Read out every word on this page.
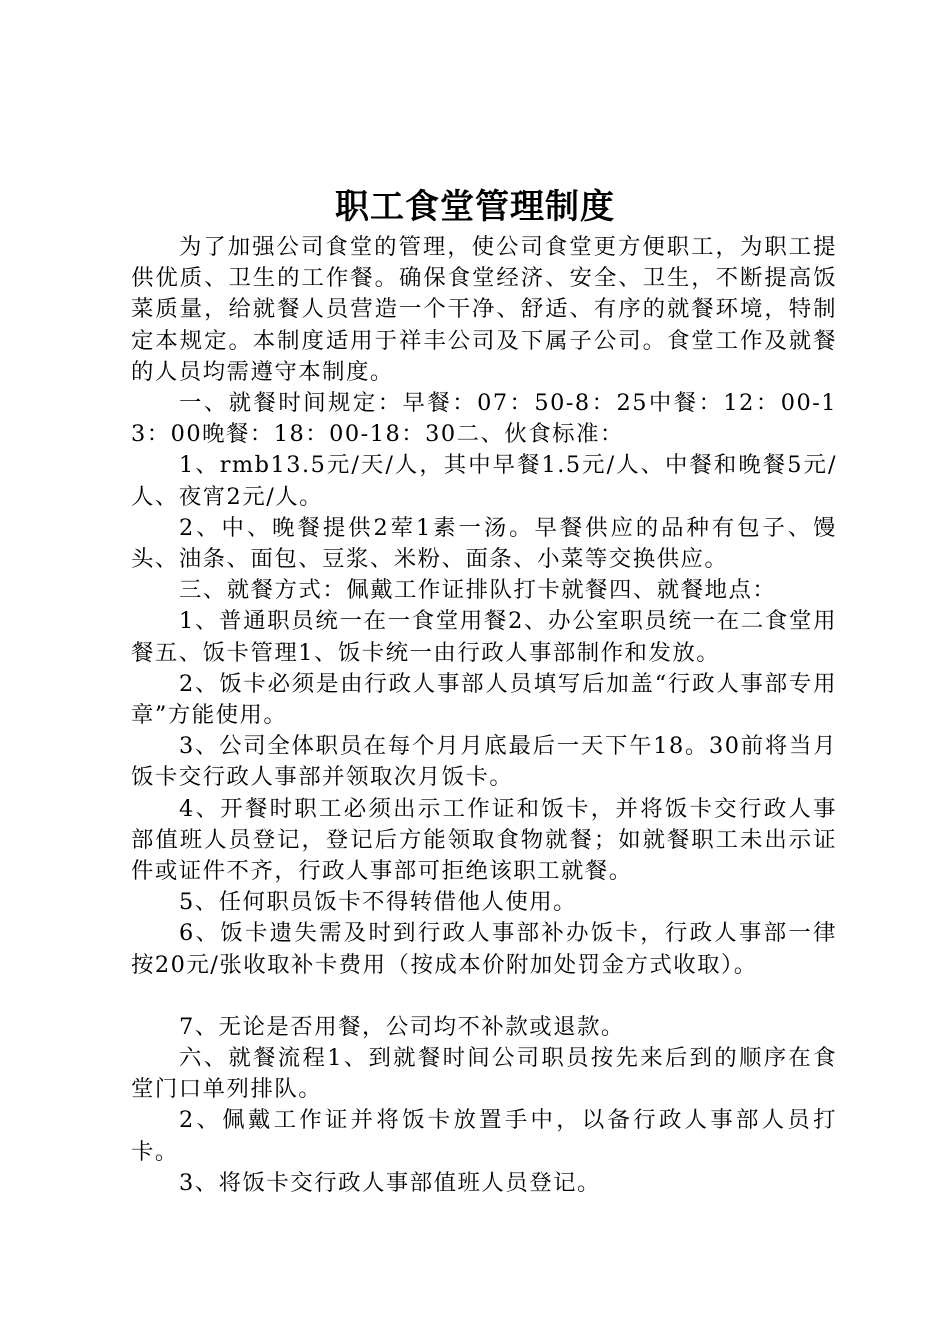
职工食堂管理制度

为了加强公司食堂的管理，使公司食堂更方便职工，为职工提供优质、卫生的工作餐。确保食堂经济、安全、卫生，不断提高饭菜质量，给就餐人员营造一个干净、舒适、有序的就餐环境，特制定本规定。本制度适用于祥丰公司及下属子公司。食堂工作及就餐的人员均需遵守本制度。

一、就餐时间规定：早餐：07：50-8：25中餐：12：00-13：00晚餐：18：00-18：30二、伙食标准：

1、rmb13.5元/天/人，其中早餐1.5元/人、中餐和晚餐5元/人、夜宵2元/人。

2、中、晚餐提供2荤1素一汤。早餐供应的品种有包子、馒头、油条、面包、豆浆、米粉、面条、小菜等交换供应。

三、就餐方式：佩戴工作证排队打卡就餐四、就餐地点：

1、普通职员统一在一食堂用餐2、办公室职员统一在二食堂用餐五、饭卡管理1、饭卡统一由行政人事部制作和发放。

2、饭卡必须是由行政人事部人员填写后加盖“行政人事部专用章”方能使用。

3、公司全体职员在每个月月底最后一天下午18。30前将当月饭卡交行政人事部并领取次月饭卡。

4、开餐时职工必须出示工作证和饭卡，并将饭卡交行政人事部值班人员登记，登记后方能领取食物就餐；如就餐职工未出示证件或证件不齐，行政人事部可拒绝该职工就餐。

5、任何职员饭卡不得转借他人使用。

6、饭卡遗失需及时到行政人事部补办饭卡，行政人事部一律按20元/张收取补卡费用（按成本价附加处罚金方式收取）。

7、无论是否用餐，公司均不补款或退款。

六、就餐流程1、到就餐时间公司职员按先来后到的顺序在食堂门口单列排队。

2、佩戴工作证并将饭卡放置手中，以备行政人事部人员打卡。

3、将饭卡交行政人事部值班人员登记。
